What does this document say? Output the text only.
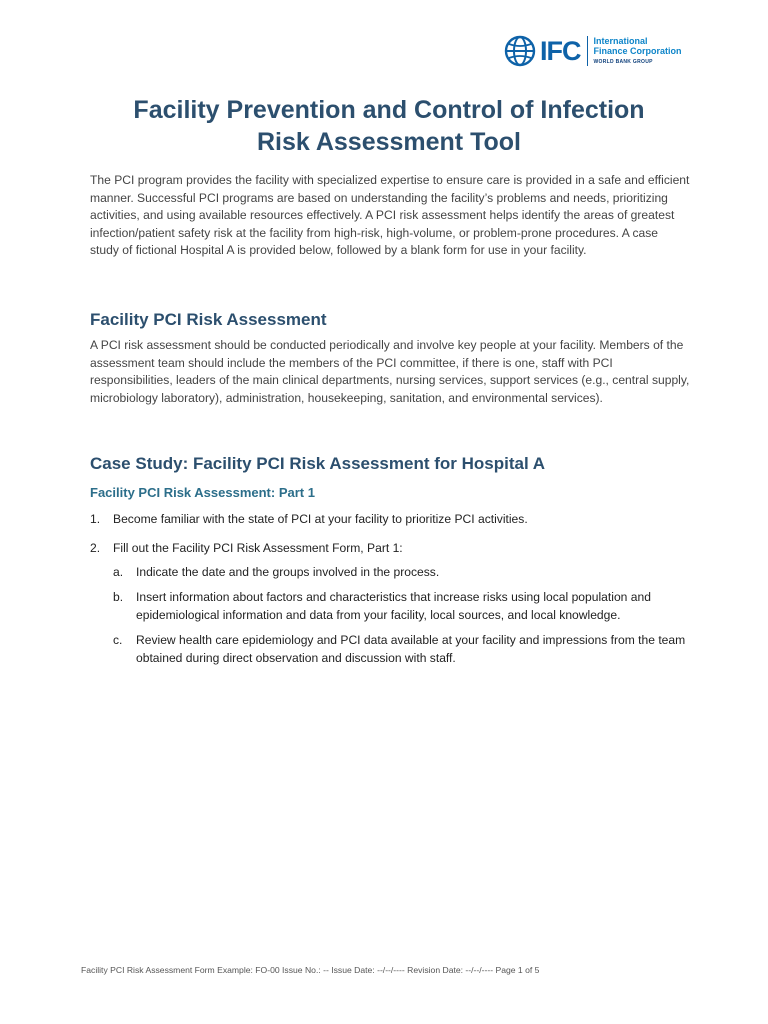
IFC International
Finance Corporation
WORLD BANK GROUP
Facility Prevention and Control of Infection
Risk Assessment Tool
The PCI program provides the facility with specialized expertise to ensure care is provided in a safe and efficient manner. Successful PCI programs are based on understanding the facility’s problems and needs, prioritizing activities, and using available resources effectively. A PCI risk assessment helps identify the areas of greatest infection/patient safety risk at the facility from high-risk, high-volume, or problem-prone procedures. A case study of fictional Hospital A is provided below, followed by a blank form for use in your facility.
Facility PCI Risk Assessment
A PCI risk assessment should be conducted periodically and involve key people at your facility. Members of the assessment team should include the members of the PCI committee, if there is one, staff with PCI responsibilities, leaders of the main clinical departments, nursing services, support services (e.g., central supply, microbiology laboratory), administration, housekeeping, sanitation, and environmental services).
Case Study: Facility PCI Risk Assessment for Hospital A
Facility PCI Risk Assessment: Part 1
1.	Become familiar with the state of PCI at your facility to prioritize PCI activities.
2.	Fill out the Facility PCI Risk Assessment Form, Part 1:
a.	Indicate the date and the groups involved in the process.
b.	Insert information about factors and characteristics that increase risks using local population and epidemiological information and data from your facility, local sources, and local knowledge.
c.	Review health care epidemiology and PCI data available at your facility and impressions from the team obtained during direct observation and discussion with staff.
Facility PCI Risk Assessment Form Example: FO-00 Issue No.: -- Issue Date: --/--/---- Revision Date: --/--/---- Page 1 of 5
